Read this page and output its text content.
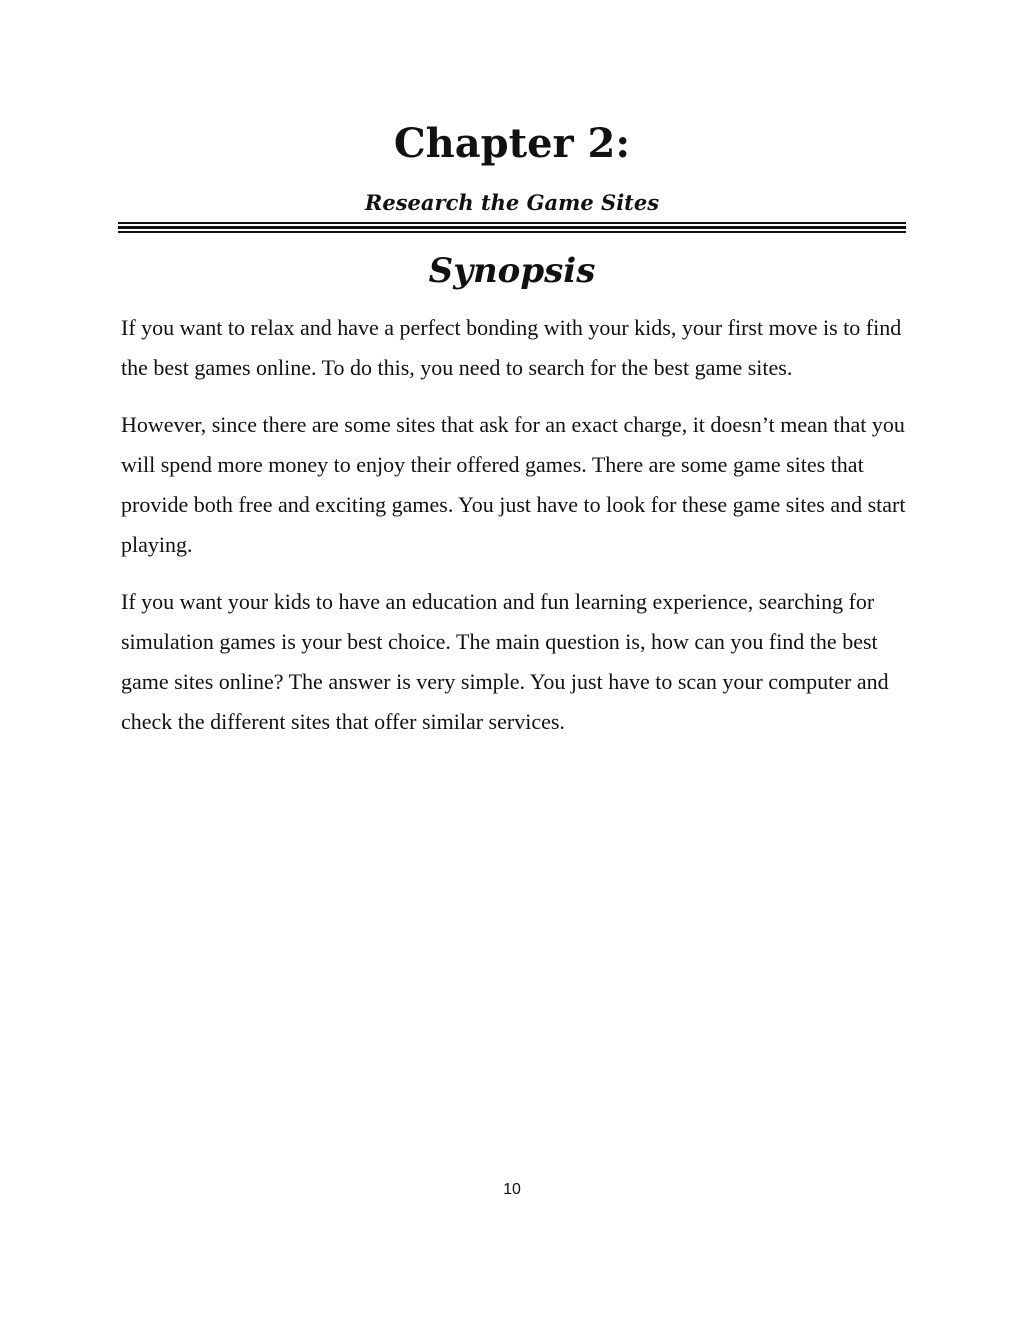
Chapter 2:
Research the Game Sites
Synopsis

If you want to relax and have a perfect bonding with your kids, your first move is to find the best games online. To do this, you need to search for the best game sites.

However, since there are some sites that ask for an exact charge, it doesn’t mean that you will spend more money to enjoy their offered games. There are some game sites that provide both free and exciting games. You just have to look for these game sites and start playing.

If you want your kids to have an education and fun learning experience, searching for simulation games is your best choice. The main question is, how can you find the best game sites online? The answer is very simple. You just have to scan your computer and check the different sites that offer similar services.

10
